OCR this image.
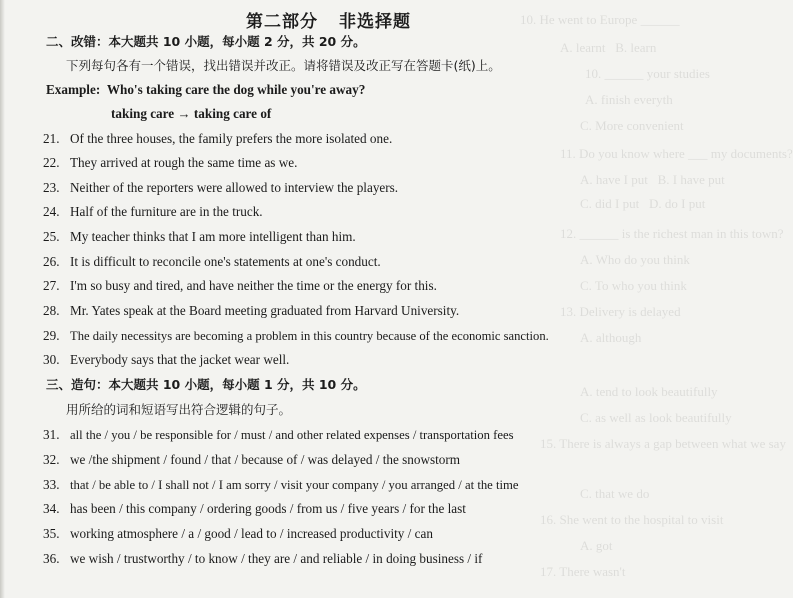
10. He went to Europe ______
A. learnt   B. learn
10. ______ your studies
A. finish everyth
C. More convenient
11. Do you know where ___ my documents?
A. have I put   B. I have put
C. did I put   D. do I put
12. ______ is the richest man in this town?
A. Who do you think
C. To who you think
13. Delivery is delayed
A. although
A. tend to look beautifully
C. as well as look beautifully
15. There is always a gap between what we say
C. that we do
16. She went to the hospital to visit
A. got
17. There wasn't
第二部分 非选择题
二、改错：本大题共 10 小题，每小题 2 分，共 20 分。
下列每句各有一个错误，找出错误并改正。请将错误及改正写在答题卡(纸)上。
Example: Who's taking care the dog while you're away?
taking care → taking care of
21. Of the three houses, the family prefers the more isolated one.
22. They arrived at rough the same time as we.
23. Neither of the reporters were allowed to interview the players.
24. Half of the furniture are in the truck.
25. My teacher thinks that I am more intelligent than him.
26. It is difficult to reconcile one's statements at one's conduct.
27. I'm so busy and tired, and have neither the time or the energy for this.
28. Mr. Yates speak at the Board meeting graduated from Harvard University.
29. The daily necessitys are becoming a problem in this country because of the economic sanction.
30. Everybody says that the jacket wear well.
三、造句：本大题共 10 小题，每小题 1 分，共 10 分。
用所给的词和短语写出符合逻辑的句子。
31. all the / you / be responsible for / must / and other related expenses / transportation fees
32. we /the shipment / found / that / because of / was delayed / the snowstorm
33. that / be able to / I shall not / I am sorry / visit your company / you arranged / at the time
34. has been / this company / ordering goods / from us / five years / for the last
35. working atmosphere / a / good / lead to / increased productivity / can
36. we wish / trustworthy / to know / they are / and reliable / in doing business / if
